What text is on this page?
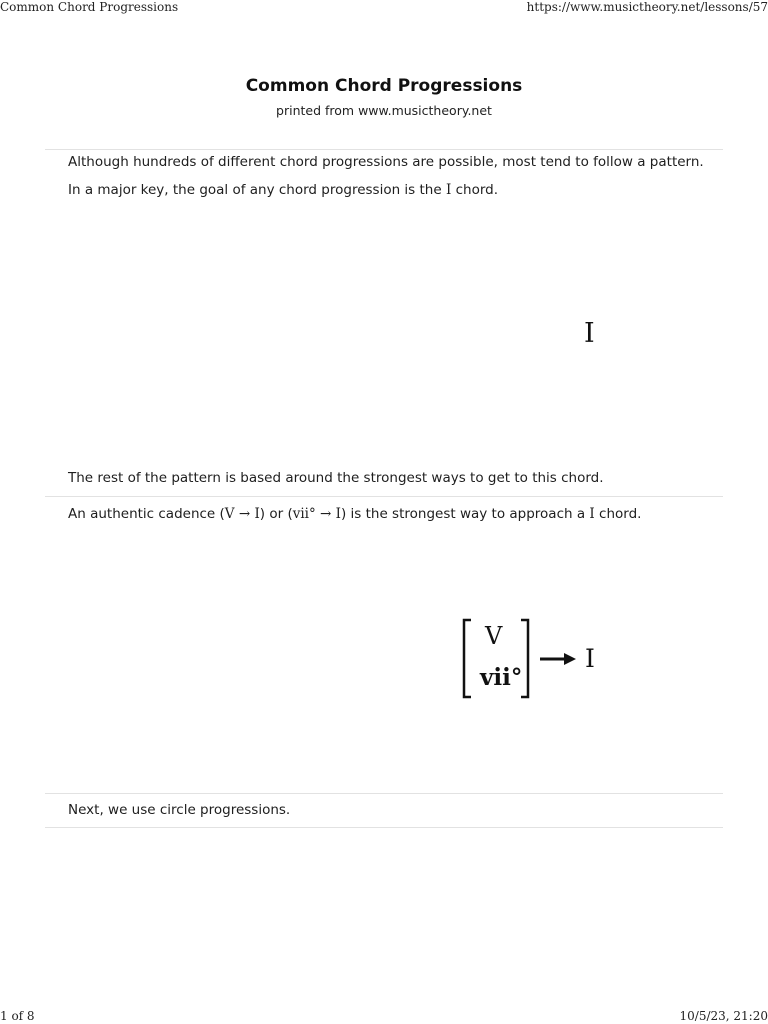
Common Chord Progressions	https://www.musictheory.net/lessons/57
1 of 8	10/5/23, 21:20
Common Chord Progressions
printed from www.musictheory.net
Although hundreds of different chord progressions are possible, most tend to follow a pattern.
In a major key, the goal of any chord progression is the I chord.
I
The rest of the pattern is based around the strongest ways to get to this chord.
An authentic cadence (V → I) or (vii° → I) is the strongest way to approach a I chord.
V
vii°
I
Next, we use circle progressions.
